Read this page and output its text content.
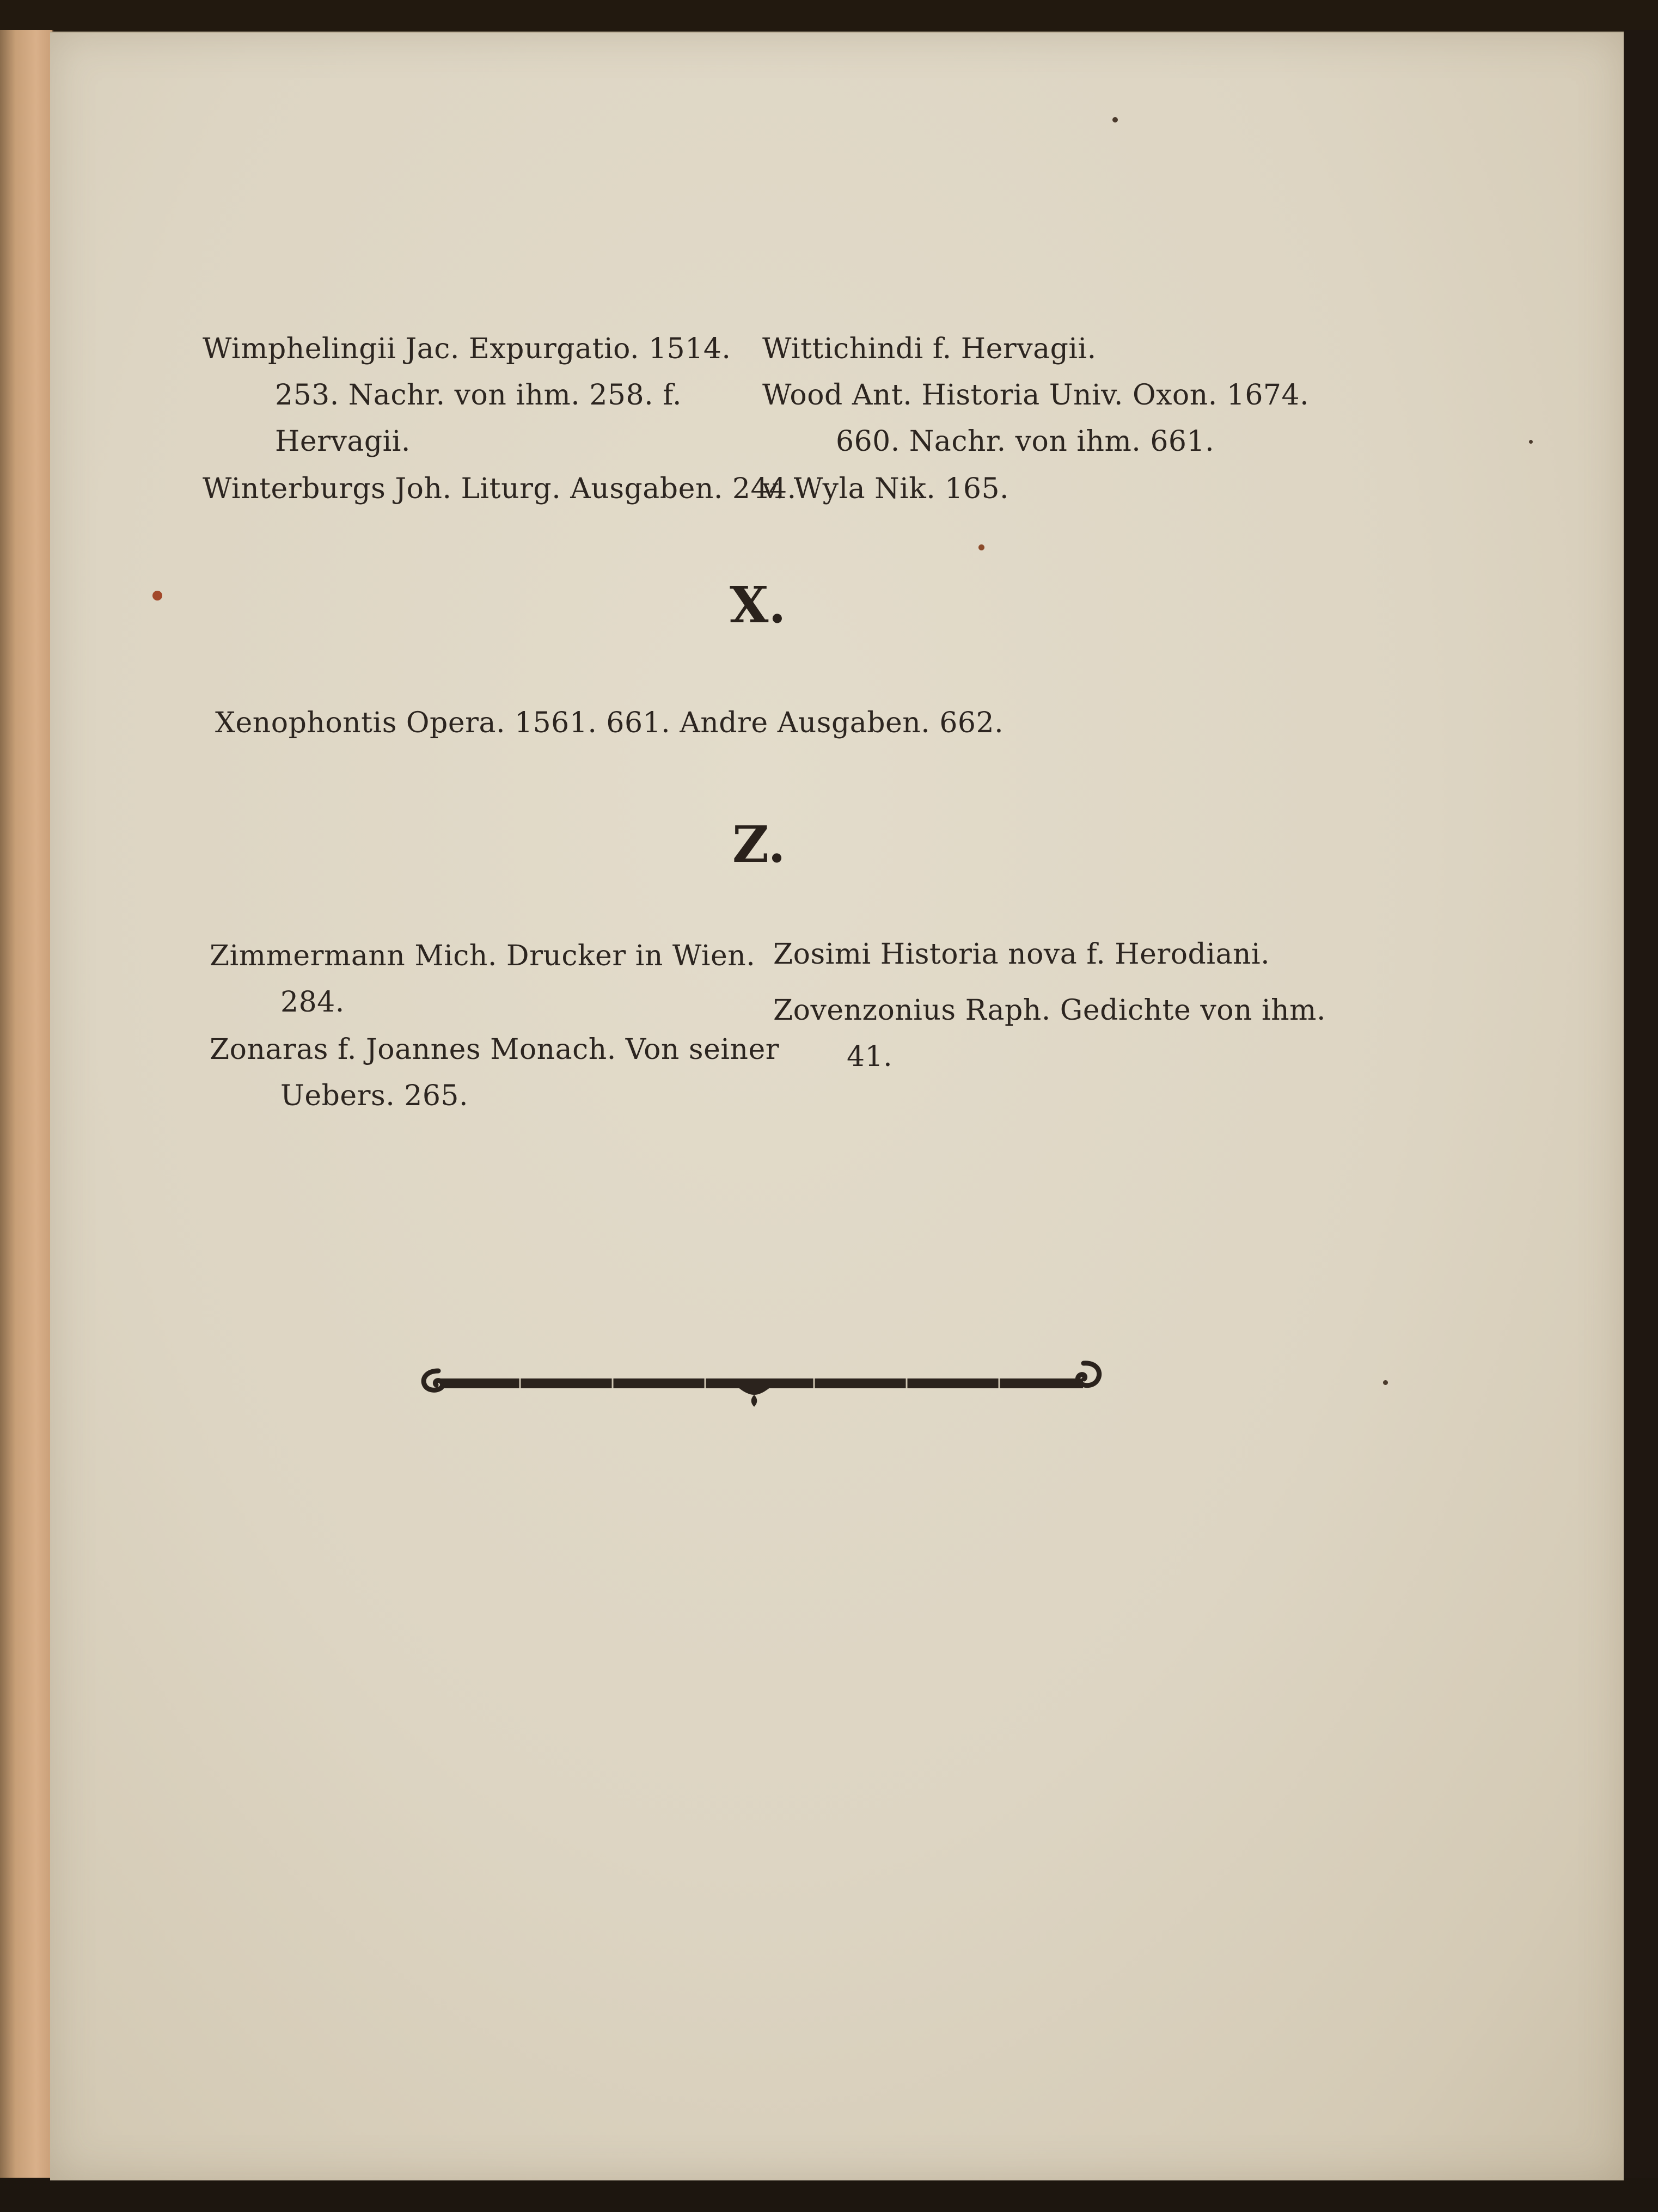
Wimphelingii Jac. Expurgatio. 1514.
253. Nachr. von ihm. 258. f.
Hervagii.
Winterburgs Joh. Liturg. Ausgaben. 244.
Wittichindi f. Hervagii.
Wood Ant. Historia Univ. Oxon. 1674.
660. Nachr. von ihm. 661.
v. Wyla Nik. 165.
X.
Xenophontis Opera. 1561. 661. Andre Ausgaben. 662.
Z.
Zimmermann Mich. Drucker in Wien.
284.
Zonaras f. Joannes Monach. Von seiner
Uebers. 265.
Zosimi Historia nova f. Herodiani.
Zovenzonius Raph. Gedichte von ihm.
41.
